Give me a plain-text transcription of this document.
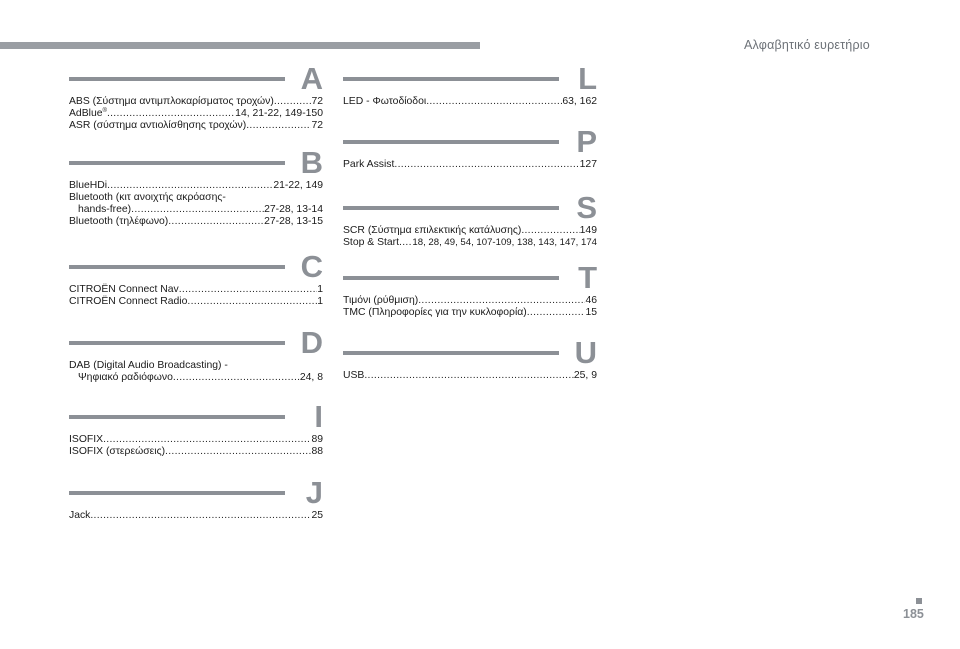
Αλφαβητικό ευρετήριο
A
ABS (Σύστημα αντιμπλοκαρίσματος τροχών) .....	72
AdBlue® .....	14, 21-22, 149-150
ASR (σύστημα αντιολίσθησης τροχών) .....	72
B
BlueHDi .....	21-22, 149
Bluetooth (κιτ ανοιχτής ακρόασης-
hands-free) .....	27-28, 13-14
Bluetooth (τηλέφωνο) .....	27-28, 13-15
C
CITROËN Connect Nav .....	1
CITROËN Connect Radio .....	1
D
DAB (Digital Audio Broadcasting) -
Ψηφιακό ραδιόφωνο .....	24, 8
I
ISOFIX .....	89
ISOFIX (στερεώσεις) .....	88
J
Jack .....	25
L
LED - Φωτοδίοδοι .....	63, 162
P
Park Assist .....	127
S
SCR (Σύστημα επιλεκτικής κατάλυσης) .....	149
Stop & Start ..... 18, 28, 49, 54, 107-109, 138, 143, 147, 174
T
Τιμόνι (ρύθμιση) .....	46
TMC (Πληροφορίες για την κυκλοφορία) .....	15
U
USB .....	25, 9
185
